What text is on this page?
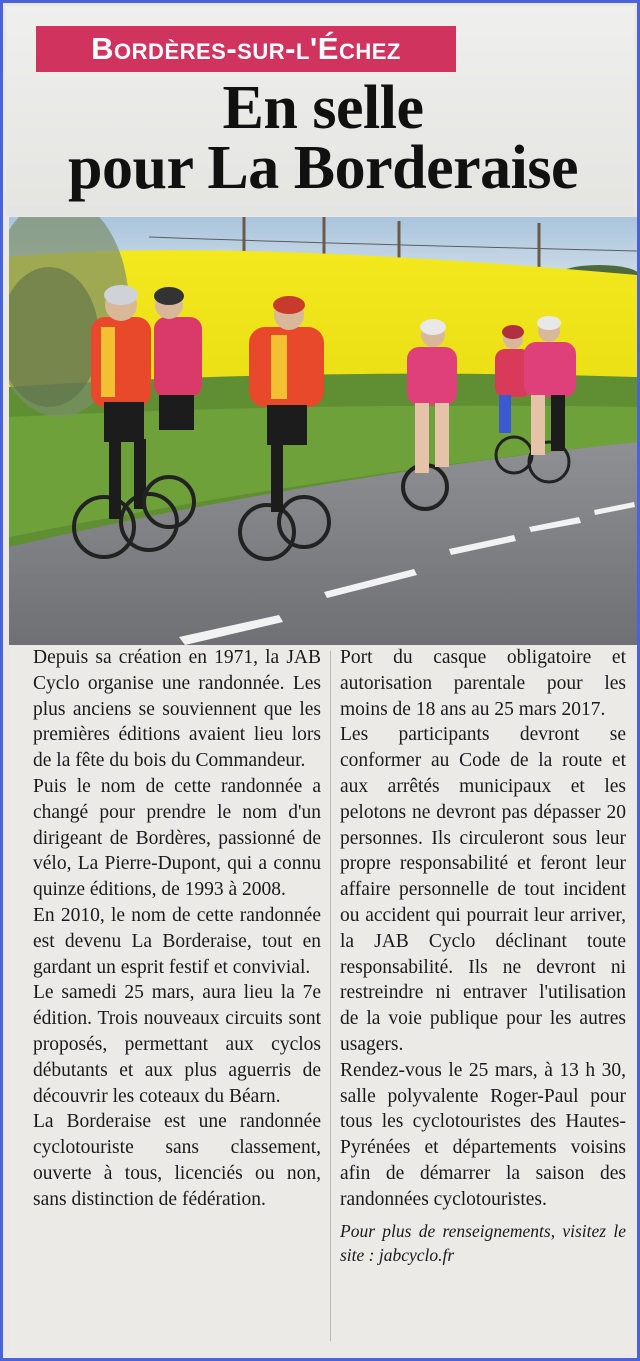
Bordères-sur-l'Échez
En selle
pour La Borderaise

Depuis sa création en 1971, la JAB Cyclo organise une randonnée. Les plus anciens se souviennent que les premières éditions avaient lieu lors de la fête du bois du Commandeur.

Puis le nom de cette randonnée a changé pour prendre le nom d'un dirigeant de Bordères, passionné de vélo, La Pierre-Dupont, qui a connu quinze éditions, de 1993 à 2008.

En 2010, le nom de cette randonnée est devenu La Borderaise, tout en gardant un esprit festif et convivial.

Le samedi 25 mars, aura lieu la 7e édition. Trois nouveaux circuits sont proposés, permettant aux cyclos débutants et aux plus aguerris de découvrir les coteaux du Béarn.

La Borderaise est une randonnée cyclotouriste sans classement, ouverte à tous, licenciés ou non, sans distinction de fédération.

Port du casque obligatoire et autorisation parentale pour les moins de 18 ans au 25 mars 2017.

Les participants devront se conformer au Code de la route et aux arrêtés municipaux et les pelotons ne devront pas dépasser 20 personnes. Ils circuleront sous leur propre responsabilité et feront leur affaire personnelle de tout incident ou accident qui pourrait leur arriver, la JAB Cyclo déclinant toute responsabilité. Ils ne devront ni restreindre ni entraver l'utilisation de la voie publique pour les autres usagers.

Rendez-vous le 25 mars, à 13 h 30, salle polyvalente Roger-Paul pour tous les cyclotouristes des Hautes-Pyrénées et départements voisins afin de démarrer la saison des randonnées cyclotouristes.

Pour plus de renseignements, visitez le site : jabcyclo.fr
